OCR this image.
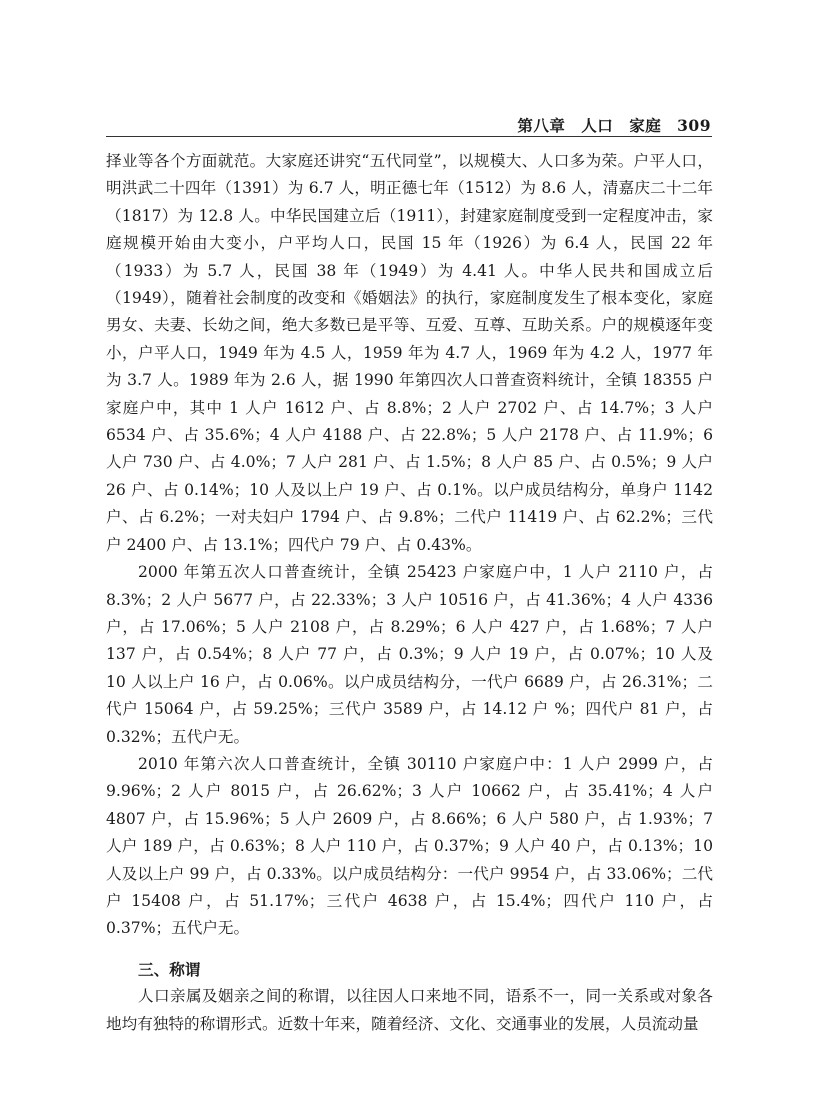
第八章 人口 家庭 309

择业等各个方面就范。大家庭还讲究“五代同堂”，以规模大、人口多为荣。户平人口，明洪武二十四年（1391）为 6.7 人，明正德七年（1512）为 8.6 人，清嘉庆二十二年（1817）为 12.8 人。中华民国建立后（1911），封建家庭制度受到一定程度冲击，家庭规模开始由大变小，户平均人口，民国 15 年（1926）为 6.4 人，民国 22 年（1933）为 5.7 人，民国 38 年（1949）为 4.41 人。中华人民共和国成立后（1949），随着社会制度的改变和《婚姻法》的执行，家庭制度发生了根本变化，家庭男女、夫妻、长幼之间，绝大多数已是平等、互爱、互尊、互助关系。户的规模逐年变小，户平人口，1949 年为 4.5 人，1959 年为 4.7 人，1969 年为 4.2 人，1977 年为 3.7 人。1989 年为 2.6 人，据 1990 年第四次人口普查资料统计，全镇 18355 户家庭户中，其中 1 人户 1612 户、占 8.8%；2 人户 2702 户、占 14.7%；3 人户 6534 户、占 35.6%；4 人户 4188 户、占 22.8%；5 人户 2178 户、占 11.9%；6 人户 730 户、占 4.0%；7 人户 281 户、占 1.5%；8 人户 85 户、占 0.5%；9 人户 26 户、占 0.14%；10 人及以上户 19 户、占 0.1%。以户成员结构分，单身户 1142 户、占 6.2%；一对夫妇户 1794 户、占 9.8%；二代户 11419 户、占 62.2%；三代户 2400 户、占 13.1%；四代户 79 户、占 0.43%。

2000 年第五次人口普查统计，全镇 25423 户家庭户中，1 人户 2110 户，占 8.3%；2 人户 5677 户，占 22.33%；3 人户 10516 户，占 41.36%；4 人户 4336 户，占 17.06%；5 人户 2108 户，占 8.29%；6 人户 427 户，占 1.68%；7 人户 137 户，占 0.54%；8 人户 77 户，占 0.3%；9 人户 19 户，占 0.07%；10 人及 10 人以上户 16 户，占 0.06%。以户成员结构分，一代户 6689 户，占 26.31%；二代户 15064 户，占 59.25%；三代户 3589 户，占 14.12 户 %；四代户 81 户，占 0.32%；五代户无。

2010 年第六次人口普查统计，全镇 30110 户家庭户中：1 人户 2999 户，占 9.96%；2 人户 8015 户，占 26.62%；3 人户 10662 户，占 35.41%；4 人户 4807 户，占 15.96%；5 人户 2609 户，占 8.66%；6 人户 580 户，占 1.93%；7 人户 189 户，占 0.63%；8 人户 110 户，占 0.37%；9 人户 40 户，占 0.13%；10 人及以上户 99 户，占 0.33%。以户成员结构分：一代户 9954 户，占 33.06%；二代户 15408 户，占 51.17%；三代户 4638 户，占 15.4%；四代户 110 户，占 0.37%；五代户无。

三、称谓

人口亲属及姻亲之间的称谓，以往因人口来地不同，语系不一，同一关系或对象各地均有独特的称谓形式。近数十年来，随着经济、文化、交通事业的发展，人员流动量
